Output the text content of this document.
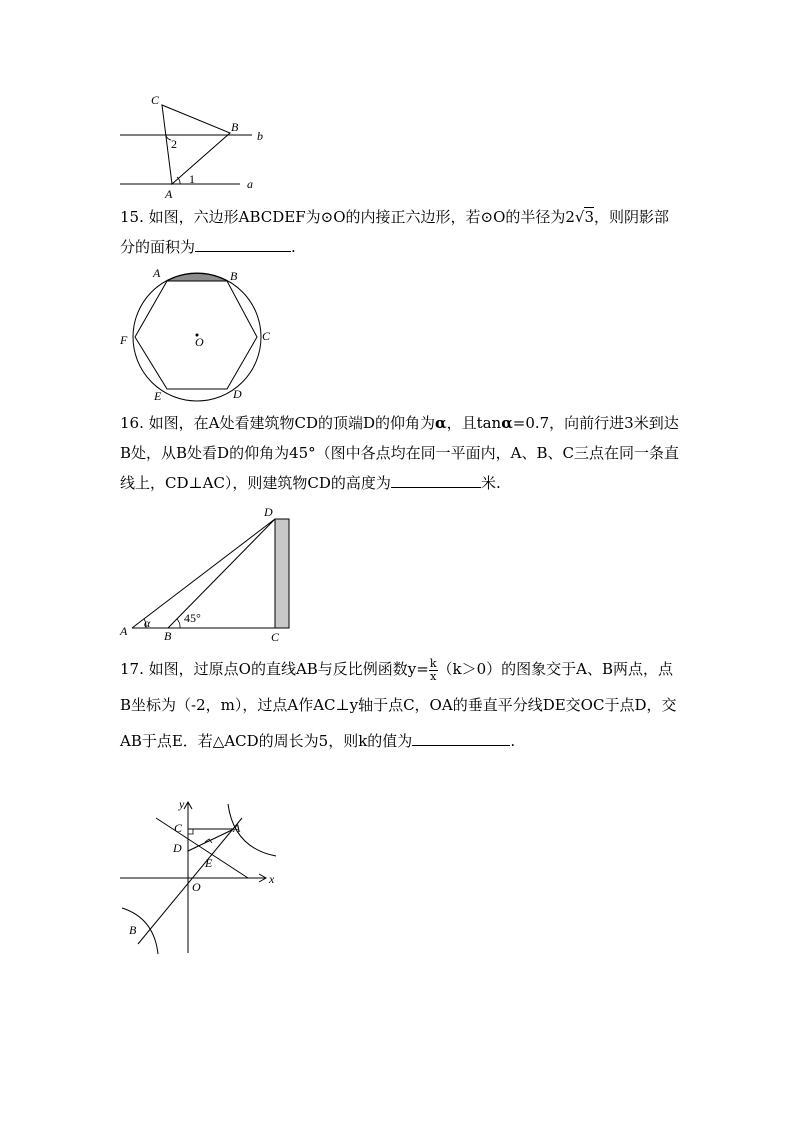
C
B
b
A
a
1
2

15. 如图，六边形ABCDEF为⊙O的内接正六边形，若⊙O的半径为2√3，则阴影部分的面积为	.

A	B
C
D
E
F	O

16. 如图，在A处看建筑物CD的顶端D的仰角为α，且tanα=0.7，向前行进3米到达B处，从B处看D的仰角为45°（图中各点均在同一平面内，A、B、C三点在同一条直线上，CD⊥AC），则建筑物CD的高度为	米.

D
A
α
B
45°
C

17. 如图，过原点O的直线AB与反比例函数$y= \frac{k}{x} (k>0)$的图象交于A、B两点，点B坐标为（-2，m），过点A作AC⊥y轴于点C，OA的垂直平分线DE交OC于点D，交AB于点E．若△ACD的周长为5，则k的值为	.

y
x
C	A
D
E
O
B
